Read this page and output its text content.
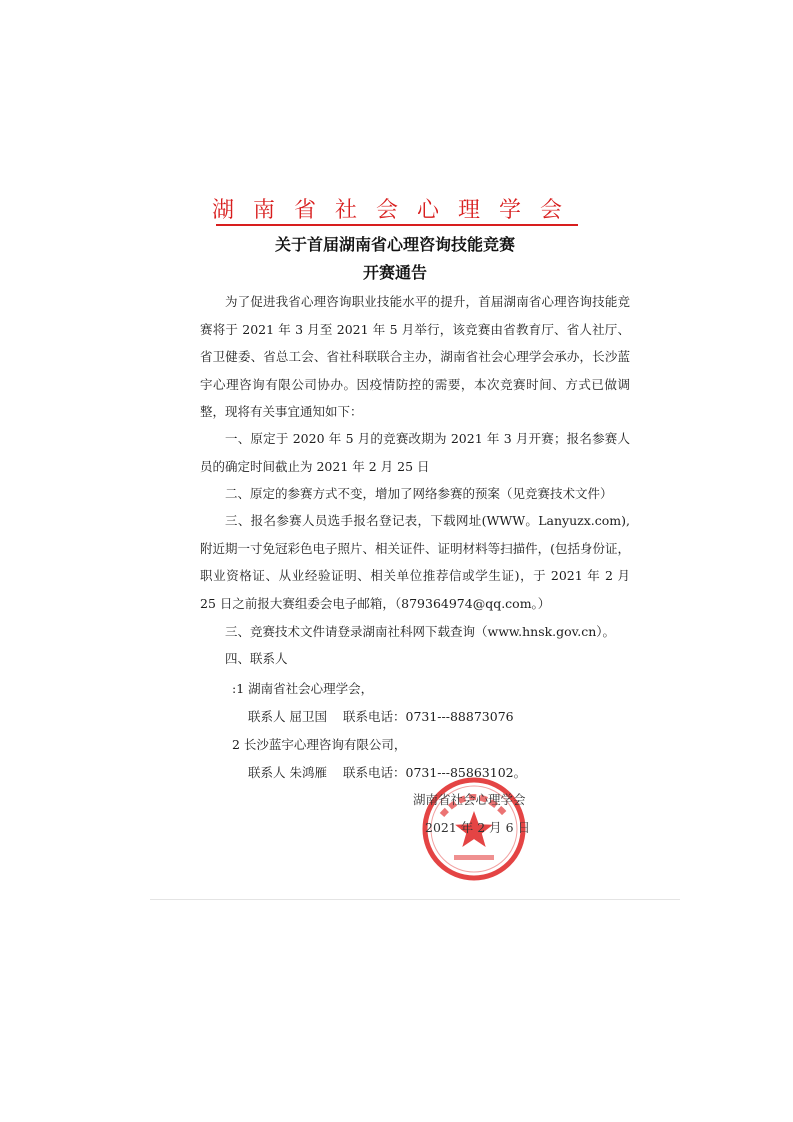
湖 南 省 社 会 心 理 学 会
关于首届湖南省心理咨询技能竞赛
开赛通告
为了促进我省心理咨询职业技能水平的提升，首届湖南省心理咨询技能竞赛将于 2021 年 3 月至 2021 年 5 月举行，该竞赛由省教育厅、省人社厅、省卫健委、省总工会、省社科联联合主办，湖南省社会心理学会承办，长沙蓝宇心理咨询有限公司协办。因疫情防控的需要，本次竞赛时间、方式已做调整，现将有关事宜通知如下：
一、原定于 2020 年 5 月的竞赛改期为 2021 年 3 月开赛；报名参赛人员的确定时间截止为 2021 年 2 月 25 日
二、原定的参赛方式不变，增加了网络参赛的预案（见竞赛技术文件）
三、报名参赛人员选手报名登记表，下载网址(WWW。Lanyuzx.com),附近期一寸免冠彩色电子照片、相关证件、证明材料等扫描件，(包括身份证，职业资格证、从业经验证明、相关单位推荐信或学生证)，于 2021 年 2 月 25 日之前报大赛组委会电子邮箱，（879364974@qq.com。）
三、竞赛技术文件请登录湖南社科网下载查询（www.hnsk.gov.cn）。
四、联系人
:1 湖南省社会心理学会，
联系人 屈卫国 联系电话：0731---88873076
2 长沙蓝宇心理咨询有限公司，
联系人 朱鸿雁 联系电话：0731---85863102。
湖南省社会心理学会
2021 年 2 月 6 日
